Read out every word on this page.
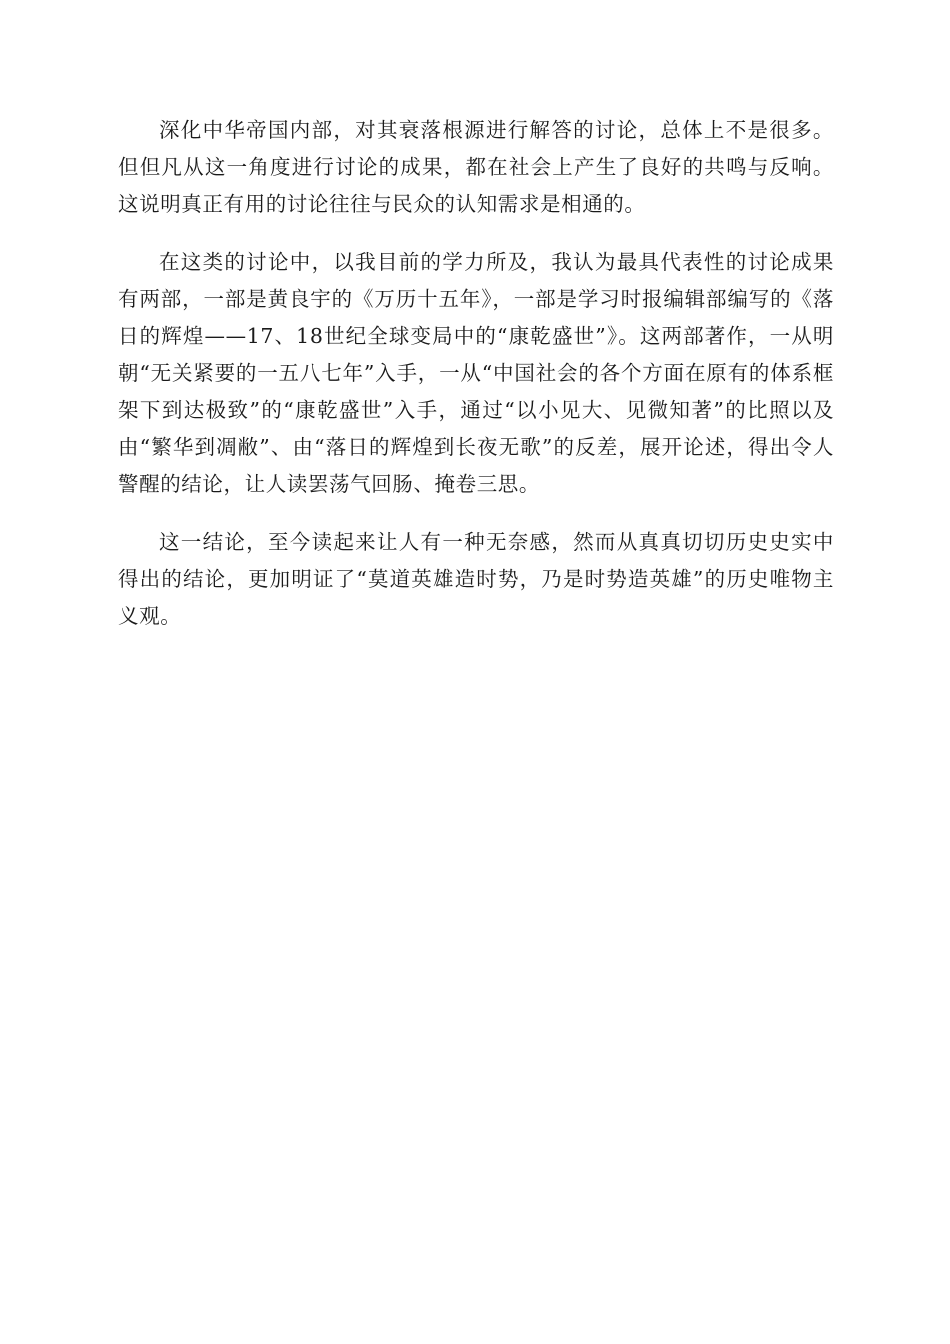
深化中华帝国内部，对其衰落根源进行解答的讨论，总体上不是很多。但但凡从这一角度进行讨论的成果，都在社会上产生了良好的共鸣与反响。这说明真正有用的讨论往往与民众的认知需求是相通的。

在这类的讨论中，以我目前的学力所及，我认为最具代表性的讨论成果有两部，一部是黄良宇的《万历十五年》，一部是学习时报编辑部编写的《落日的辉煌——17、18世纪全球变局中的“康乾盛世”》。这两部著作，一从明朝“无关紧要的一五八七年”入手，一从“中国社会的各个方面在原有的体系框架下到达极致”的“康乾盛世”入手，通过“以小见大、见微知著”的比照以及由“繁华到凋敝”、由“落日的辉煌到长夜无歌”的反差，展开论述，得出令人警醒的结论，让人读罢荡气回肠、掩卷三思。

这一结论，至今读起来让人有一种无奈感，然而从真真切切历史史实中得出的结论，更加明证了“莫道英雄造时势，乃是时势造英雄”的历史唯物主义观。
